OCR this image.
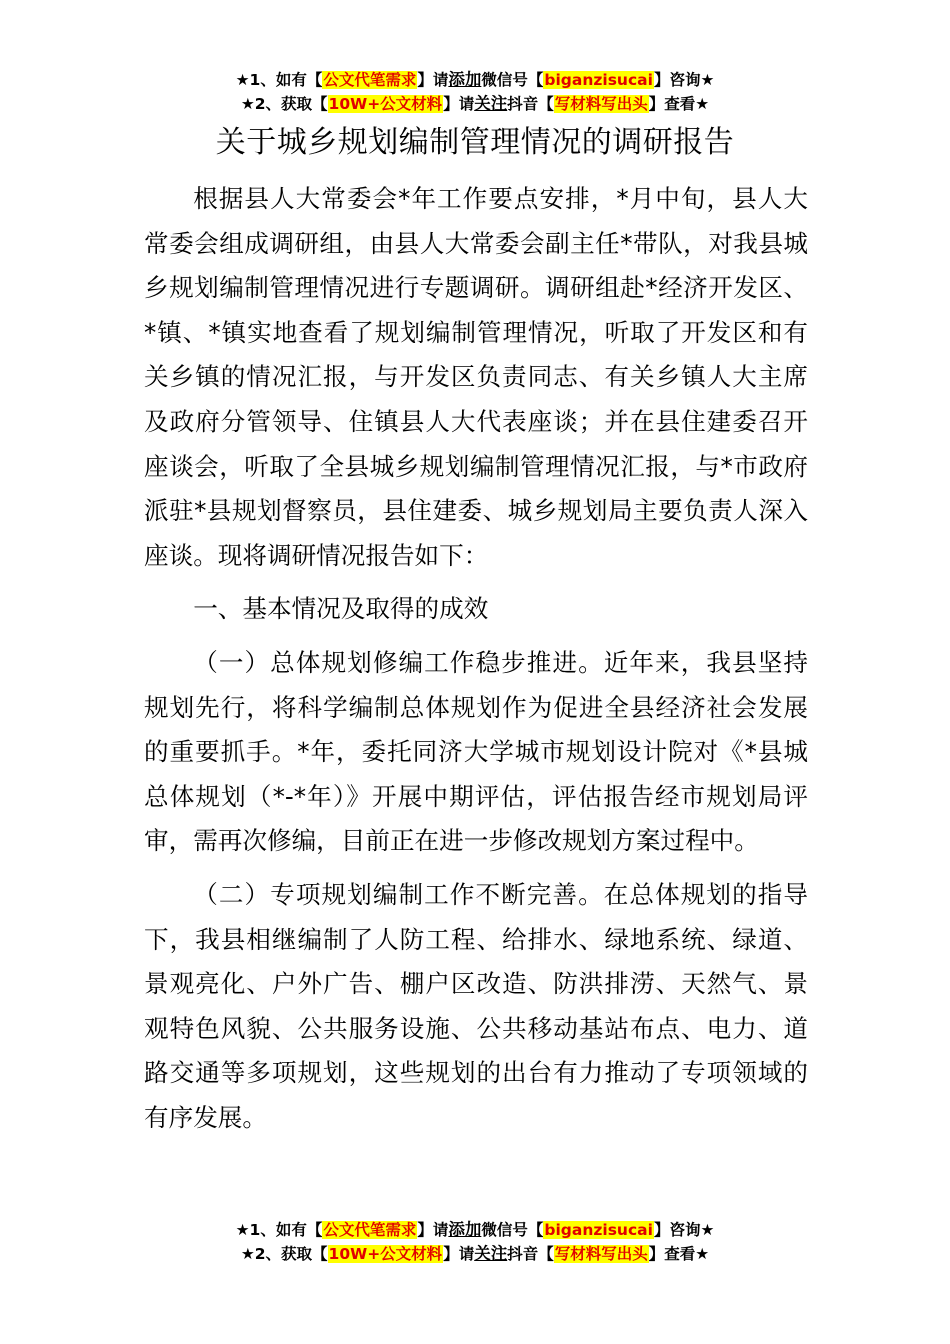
★1、如有【公文代笔需求】请添加微信号【biganzisucai】咨询★
★2、获取【10W+公文材料】请关注抖音【写材料写出头】查看★
关于城乡规划编制管理情况的调研报告

根据县人大常委会*年工作要点安排，*月中旬，县人大常委会组成调研组，由县人大常委会副主任*带队，对我县城乡规划编制管理情况进行专题调研。调研组赴*经济开发区、*镇、*镇实地查看了规划编制管理情况，听取了开发区和有关乡镇的情况汇报，与开发区负责同志、有关乡镇人大主席及政府分管领导、住镇县人大代表座谈；并在县住建委召开座谈会，听取了全县城乡规划编制管理情况汇报，与*市政府派驻*县规划督察员，县住建委、城乡规划局主要负责人深入座谈。现将调研情况报告如下：

一、基本情况及取得的成效

（一）总体规划修编工作稳步推进。近年来，我县坚持规划先行，将科学编制总体规划作为促进全县经济社会发展的重要抓手。*年，委托同济大学城市规划设计院对《*县城总体规划（*-*年）》开展中期评估，评估报告经市规划局评审，需再次修编，目前正在进一步修改规划方案过程中。

（二）专项规划编制工作不断完善。在总体规划的指导下，我县相继编制了人防工程、给排水、绿地系统、绿道、景观亮化、户外广告、棚户区改造、防洪排涝、天然气、景观特色风貌、公共服务设施、公共移动基站布点、电力、道路交通等多项规划，这些规划的出台有力推动了专项领域的有序发展。

★1、如有【公文代笔需求】请添加微信号【biganzisucai】咨询★
★2、获取【10W+公文材料】请关注抖音【写材料写出头】查看★
